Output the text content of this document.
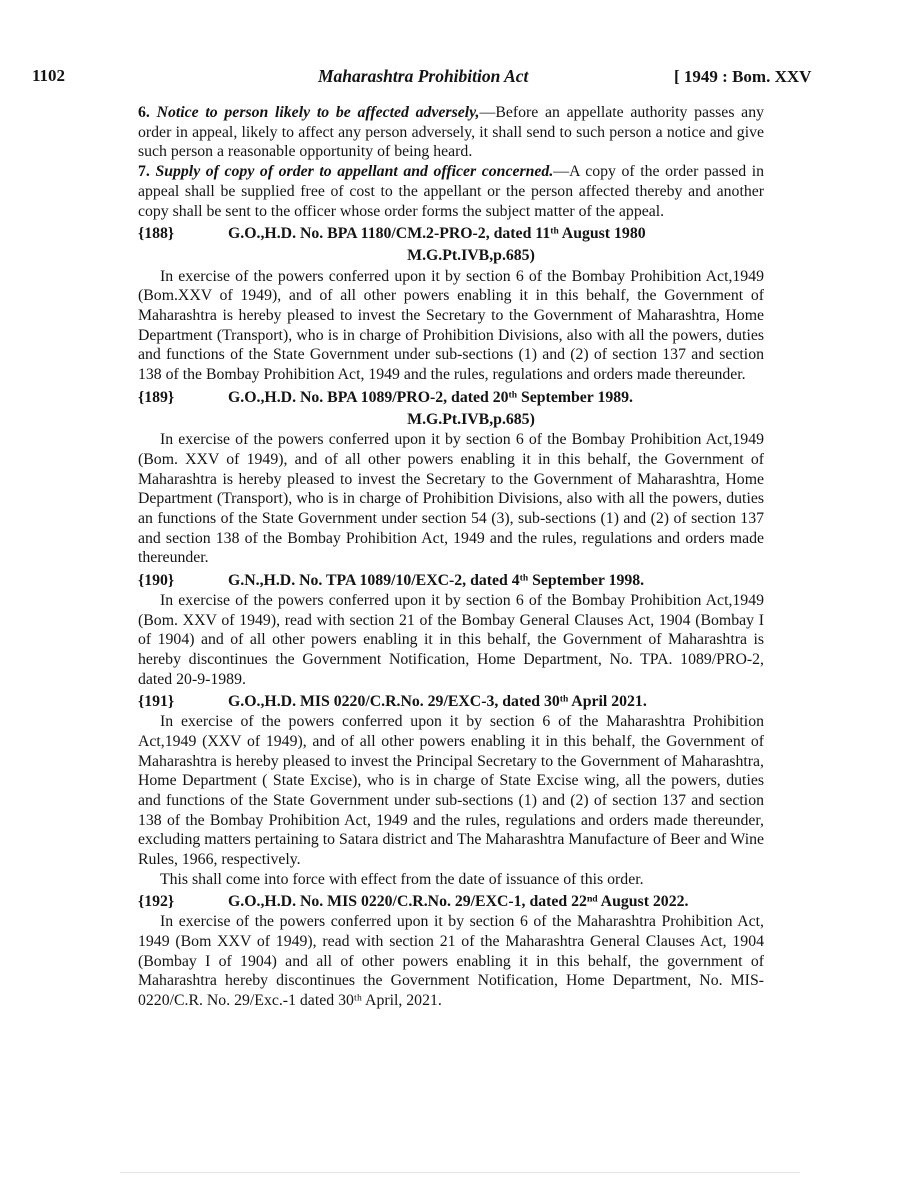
1102	Maharashtra Prohibition Act	[ 1949 : Bom. XXV

6. Notice to person likely to be affected adversely,—Before an appellate authority passes any order in appeal, likely to affect any person adversely, it shall send to such person a notice and give such person a reasonable opportunity of being heard.

7. Supply of copy of order to appellant and officer concerned.—A copy of the order passed in appeal shall be supplied free of cost to the appellant or the person affected thereby and another copy shall be sent to the officer whose order forms the subject matter of the appeal.

{188}	G.O.,H.D. No. BPA 1180/CM.2-PRO-2, dated 11ᵗʰ August 1980
M.G.Pt.IVB,p.685)

In exercise of the powers conferred upon it by section 6 of the Bombay Prohibition Act,1949 (Bom.XXV of 1949), and of all other powers enabling it in this behalf, the Government of Maharashtra is hereby pleased to invest the Secretary to the Government of Maharashtra, Home Department (Transport), who is in charge of Prohibition Divisions, also with all the powers, duties and functions of the State Government under sub-sections (1) and (2) of section 137 and section 138 of the Bombay Prohibition Act, 1949 and the rules, regulations and orders made thereunder.

{189}	G.O.,H.D. No. BPA 1089/PRO-2, dated 20ᵗʰ September 1989.
M.G.Pt.IVB,p.685)

In exercise of the powers conferred upon it by section 6 of the Bombay Prohibition Act,1949 (Bom. XXV of 1949), and of all other powers enabling it in this behalf, the Government of Maharashtra is hereby pleased to invest the Secretary to the Government of Maharashtra, Home Department (Transport), who is in charge of Prohibition Divisions, also with all the powers, duties an functions of the State Government under section 54 (3), sub-sections (1) and (2) of section 137 and section 138 of the Bombay Prohibition Act, 1949 and the rules, regulations and orders made thereunder.

{190}	G.N.,H.D. No. TPA 1089/10/EXC-2, dated 4ᵗʰ September 1998.

In exercise of the powers conferred upon it by section 6 of the Bombay Prohibition Act,1949 (Bom. XXV of 1949), read with section 21 of the Bombay General Clauses Act, 1904 (Bombay I of 1904) and of all other powers enabling it in this behalf, the Government of Maharashtra is hereby discontinues the Government Notification, Home Department, No. TPA. 1089/PRO-2, dated 20-9-1989.

{191}	G.O.,H.D. MIS 0220/C.R.No. 29/EXC-3, dated 30ᵗʰ April 2021.

In exercise of the powers conferred upon it by section 6 of the Maharashtra Prohibition Act,1949 (XXV of 1949), and of all other powers enabling it in this behalf, the Government of Maharashtra is hereby pleased to invest the Principal Secretary to the Government of Maharashtra, Home Department ( State Excise), who is in charge of State Excise wing, all the powers, duties and functions of the State Government under sub-sections (1) and (2) of section 137 and section 138 of the Bombay Prohibition Act, 1949 and the rules, regulations and orders made thereunder, excluding matters pertaining to Satara district and The Maharashtra Manufacture of Beer and Wine Rules, 1966, respectively.

This shall come into force with effect from the date of issuance of this order.

{192}	G.O.,H.D. No. MIS 0220/C.R.No. 29/EXC-1, dated 22ⁿᵈ August 2022.

In exercise of the powers conferred upon it by section 6 of the Maharashtra Prohibition Act, 1949 (Bom XXV of 1949), read with section 21 of the Maharashtra General Clauses Act, 1904 (Bombay I of 1904) and all of other powers enabling it in this behalf, the government of Maharashtra hereby discontinues the Government Notification, Home Department, No. MIS-0220/C.R. No. 29/Exc.-1 dated 30ᵗʰ April, 2021.
